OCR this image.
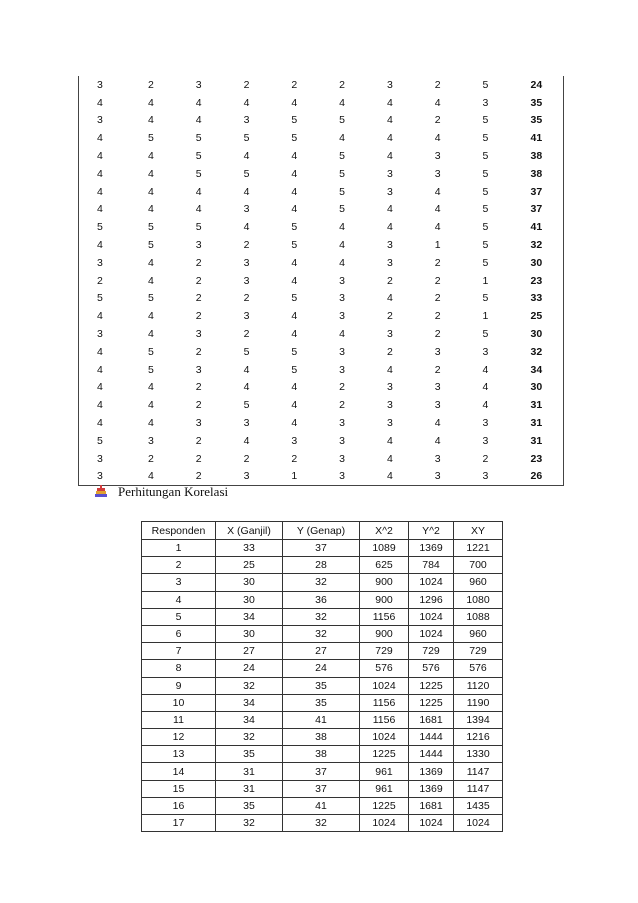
3	2	3	2	2	2	3	2	5	24
4	4	4	4	4	4	4	4	3	35
3	4	4	3	5	5	4	2	5	35
4	5	5	5	5	4	4	4	5	41
4	4	5	4	4	5	4	3	5	38
4	4	5	5	4	5	3	3	5	38
4	4	4	4	4	5	3	4	5	37
4	4	4	3	4	5	4	4	5	37
5	5	5	4	5	4	4	4	5	41
4	5	3	2	5	4	3	1	5	32
3	4	2	3	4	4	3	2	5	30
2	4	2	3	4	3	2	2	1	23
5	5	2	2	5	3	4	2	5	33
4	4	2	3	4	3	2	2	1	25
3	4	3	2	4	4	3	2	5	30
4	5	2	5	5	3	2	3	3	32
4	5	3	4	5	3	4	2	4	34
4	4	2	4	4	2	3	3	4	30
4	4	2	5	4	2	3	3	4	31
4	4	3	3	4	3	3	4	3	31
5	3	2	4	3	3	4	4	3	31
3	2	2	2	2	3	4	3	2	23
3	4	2	3	1	3	4	3	3	26
Perhitungan Korelasi
Responden	X (Ganjil)	Y (Genap)	X^2	Y^2	XY
1	33	37	1089	1369	1221
2	25	28	625	784	700
3	30	32	900	1024	960
4	30	36	900	1296	1080
5	34	32	1156	1024	1088
6	30	32	900	1024	960
7	27	27	729	729	729
8	24	24	576	576	576
9	32	35	1024	1225	1120
10	34	35	1156	1225	1190
11	34	41	1156	1681	1394
12	32	38	1024	1444	1216
13	35	38	1225	1444	1330
14	31	37	961	1369	1147
15	31	37	961	1369	1147
16	35	41	1225	1681	1435
17	32	32	1024	1024	1024
